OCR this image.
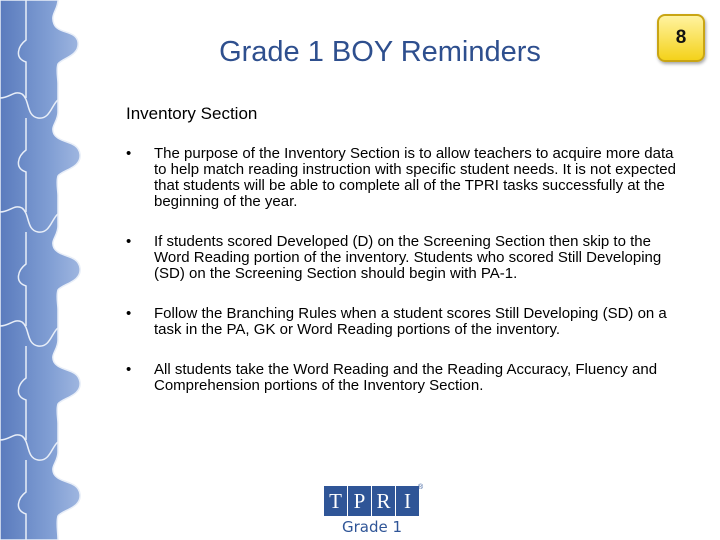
Grade 1 BOY Reminders	8
Inventory Section
•	The purpose of the Inventory Section is to allow teachers to acquire more data to help match reading instruction with specific student needs. It is not expected that students will be able to complete all of the TPRI tasks successfully at the beginning of the year.
•	If students scored Developed (D) on the Screening Section then skip to the Word Reading portion of the inventory. Students who scored Still Developing (SD) on the Screening Section should begin with PA-1.
•	Follow the Branching Rules when a student scores Still Developing (SD) on a task in the PA, GK or Word Reading portions of the inventory.
•	All students take the Word Reading and the Reading Accuracy, Fluency and Comprehension portions of the Inventory Section.
T P R I
®
Grade 1
